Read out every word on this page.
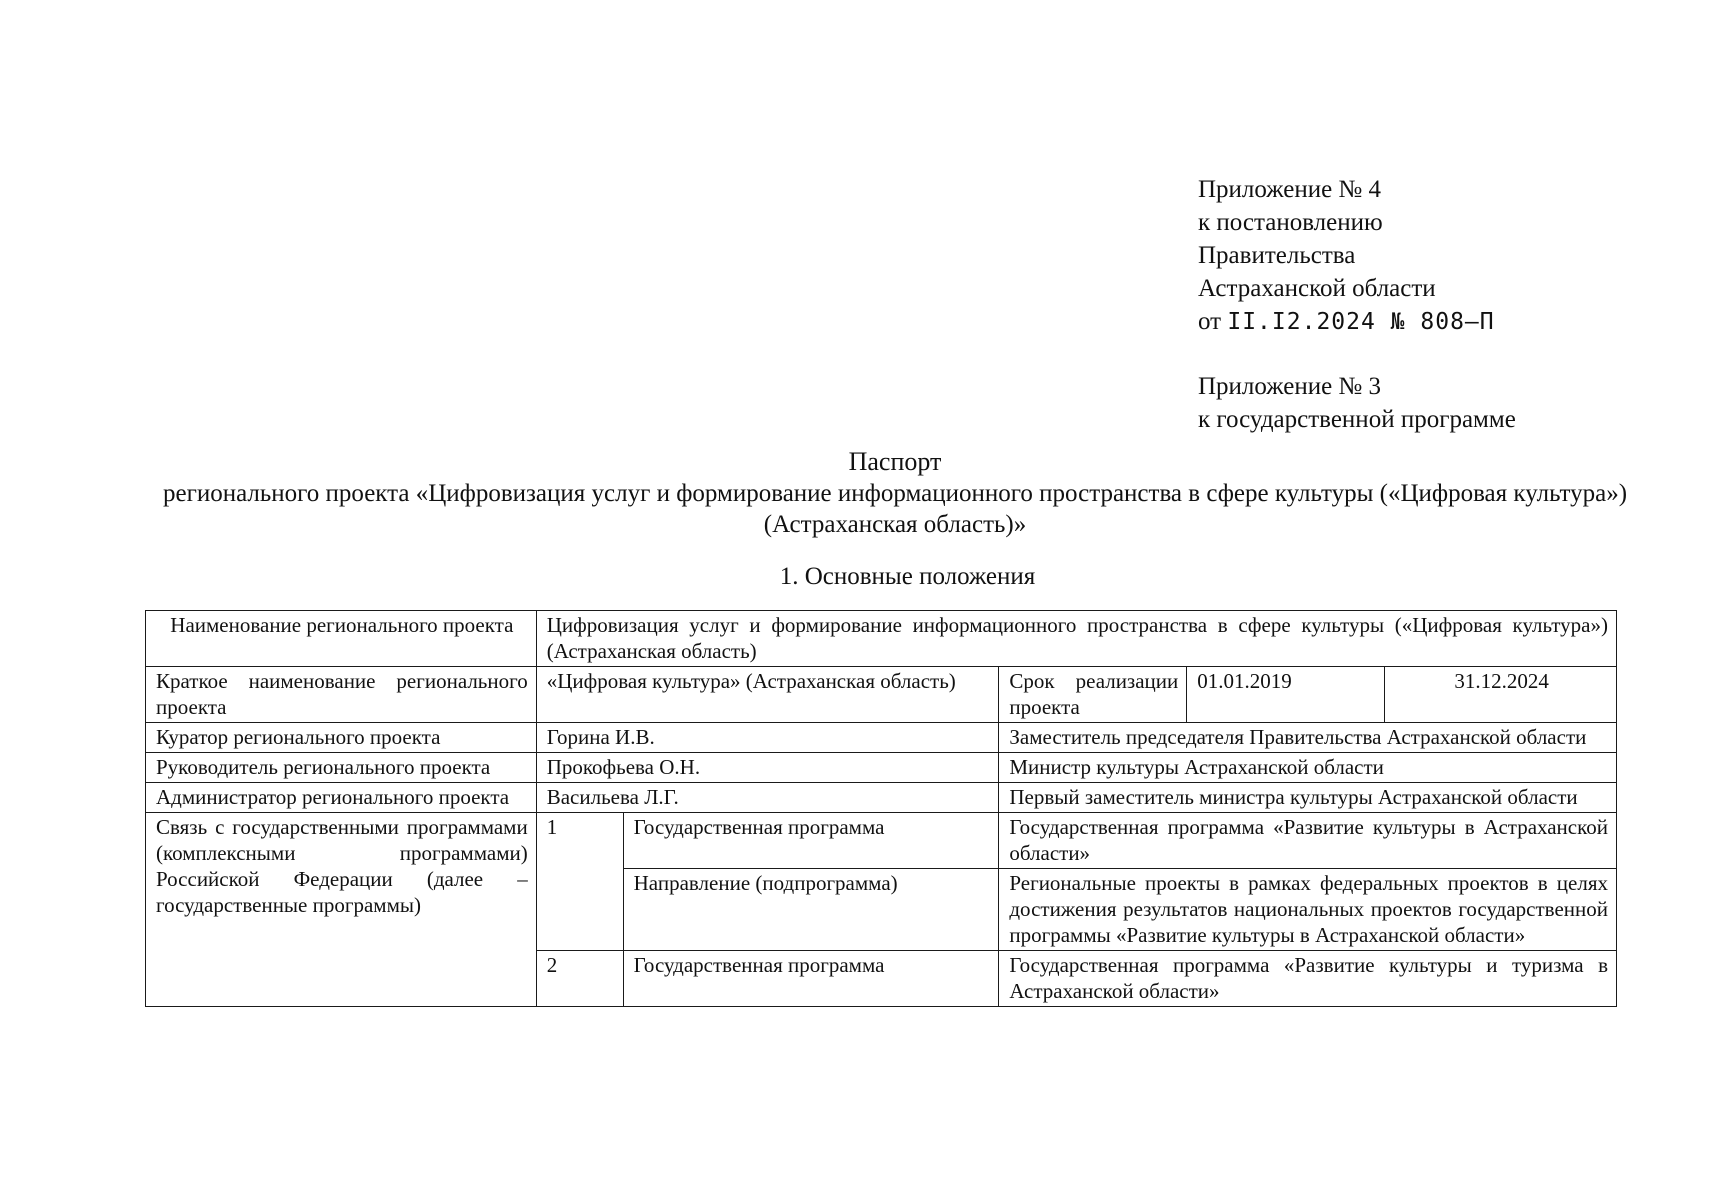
Приложение № 4
к постановлению
Правительства
Астраханской области
от II.I2.2024 № 808–П
Приложение № 3
к государственной программе
Паспорт
регионального проекта «Цифровизация услуг и формирование информационного пространства в сфере культуры («Цифровая культура») (Астраханская область)»
1. Основные положения
Наименование регионального проекта	Цифровизация услуг и формирование информационного пространства в сфере культуры («Цифровая культура») (Астраханская область)				
Краткое наименование регионального проекта	«Цифровая культура» (Астраханская область)		Срок реализации проекта	01.01.2019	31.12.2024
Куратор регионального проекта	Горина И.В.		Заместитель председателя Правительства Астраханской области		
Руководитель регионального проекта	Прокофьева О.Н.		Министр культуры Астраханской области		
Администратор регионального проекта	Васильева Л.Г.		Первый заместитель министра культуры Астраханской области		
Связь с государственными программами (комплексными программами) Российской Федерации (далее – государственные программы)	1	Государственная программа	Государственная программа «Развитие культуры в Астраханской области»		
		Направление (подпрограмма)	Региональные проекты в рамках федеральных проектов в целях достижения результатов национальных проектов государственной программы «Развитие культуры в Астраханской области»		
	2	Государственная программа	Государственная программа «Развитие культуры и туризма в Астраханской области»		
